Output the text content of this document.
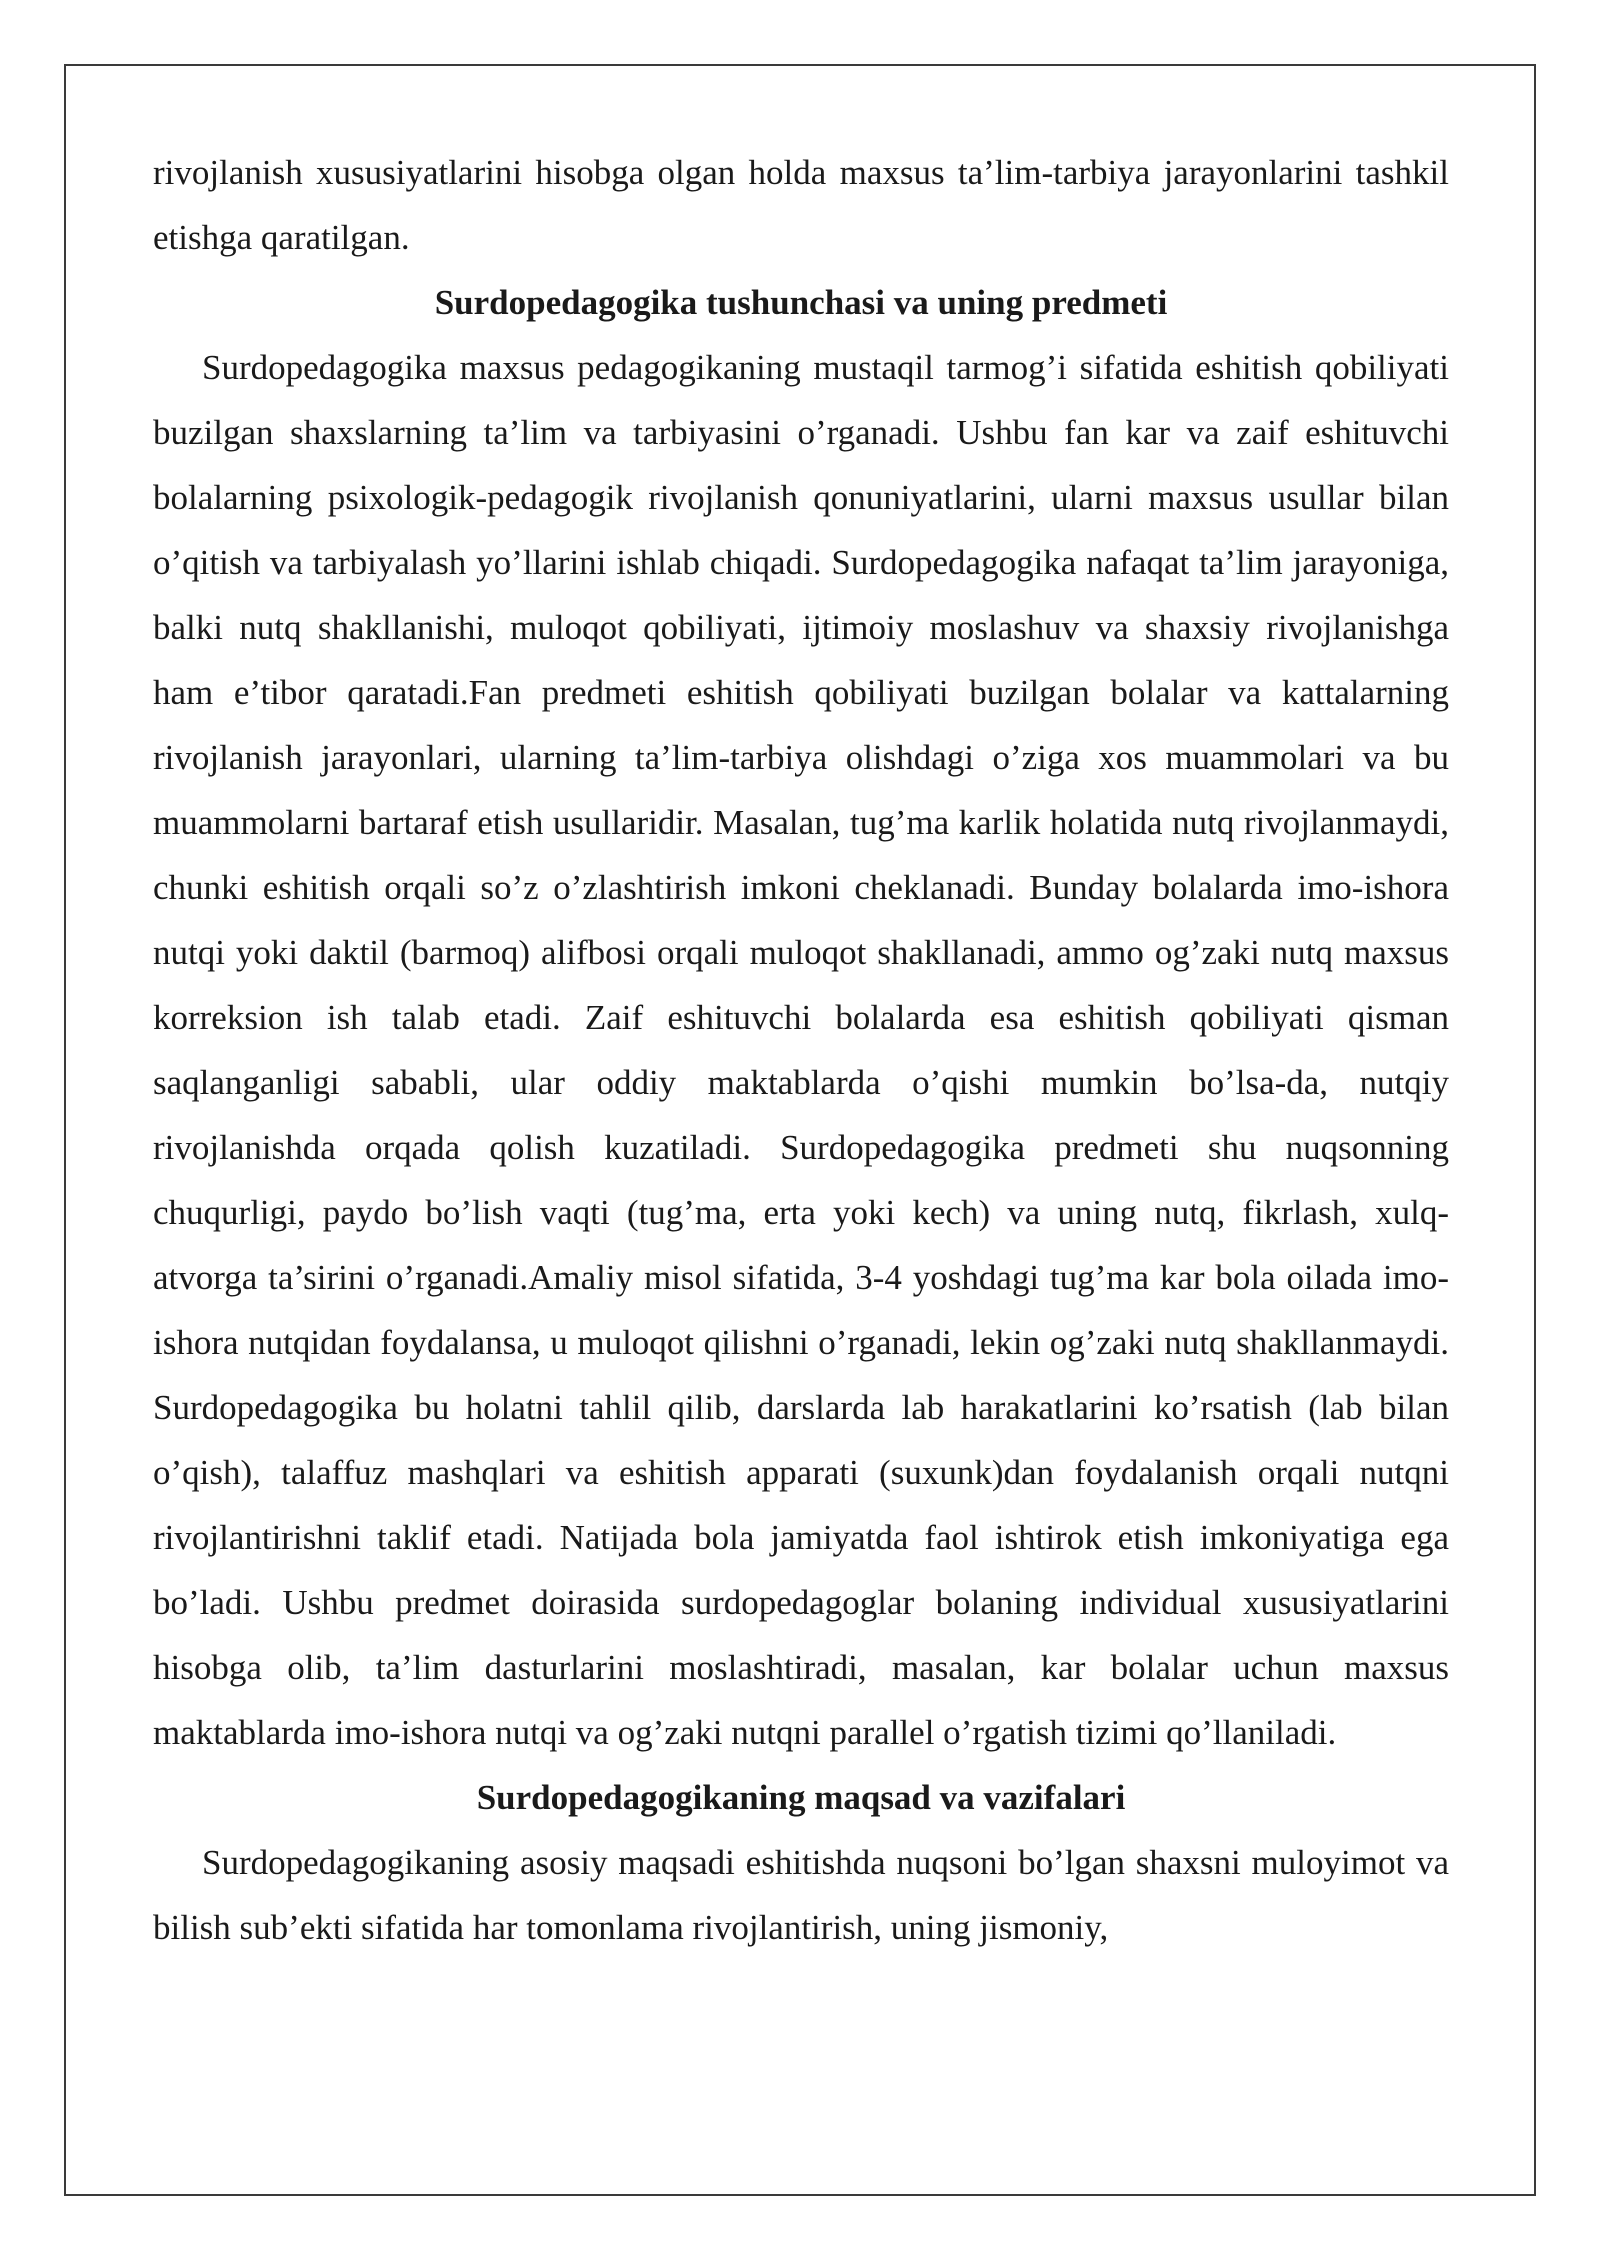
rivojlanish xususiyatlarini hisobga olgan holda maxsus ta’lim-tarbiya jarayonlarini tashkil etishga qaratilgan.

Surdopedagogika tushunchasi va uning predmeti

Surdopedagogika maxsus pedagogikaning mustaqil tarmog’i sifatida eshitish qobiliyati buzilgan shaxslarning ta’lim va tarbiyasini o’rganadi. Ushbu fan kar va zaif eshituvchi bolalarning psixologik-pedagogik rivojlanish qonuniyatlarini, ularni maxsus usullar bilan o’qitish va tarbiyalash yo’llarini ishlab chiqadi. Surdopedagogika nafaqat ta’lim jarayoniga, balki nutq shakllanishi, muloqot qobiliyati, ijtimoiy moslashuv va shaxsiy rivojlanishga ham e’tibor qaratadi.Fan predmeti eshitish qobiliyati buzilgan bolalar va kattalarning rivojlanish jarayonlari, ularning ta’lim-tarbiya olishdagi o’ziga xos muammolari va bu muammolarni bartaraf etish usullaridir. Masalan, tug’ma karlik holatida nutq rivojlanmaydi, chunki eshitish orqali so’z o’zlashtirish imkoni cheklanadi. Bunday bolalarda imo-ishora nutqi yoki daktil (barmoq) alifbosi orqali muloqot shakllanadi, ammo og’zaki nutq maxsus korreksion ish talab etadi. Zaif eshituvchi bolalarda esa eshitish qobiliyati qisman saqlanganligi sababli, ular oddiy maktablarda o’qishi mumkin bo’lsa-da, nutqiy rivojlanishda orqada qolish kuzatiladi. Surdopedagogika predmeti shu nuqsonning chuqurligi, paydo bo’lish vaqti (tug’ma, erta yoki kech) va uning nutq, fikrlash, xulq-atvorga ta’sirini o’rganadi.Amaliy misol sifatida, 3-4 yoshdagi tug’ma kar bola oilada imo-ishora nutqidan foydalansa, u muloqot qilishni o’rganadi, lekin og’zaki nutq shakllanmaydi. Surdopedagogika bu holatni tahlil qilib, darslarda lab harakatlarini ko’rsatish (lab bilan o’qish), talaffuz mashqlari va eshitish apparati (suxunk)dan foydalanish orqali nutqni rivojlantirishni taklif etadi. Natijada bola jamiyatda faol ishtirok etish imkoniyatiga ega bo’ladi. Ushbu predmet doirasida surdopedagoglar bolaning individual xususiyatlarini hisobga olib, ta’lim dasturlarini moslashtiradi, masalan, kar bolalar uchun maxsus maktablarda imo-ishora nutqi va og’zaki nutqni parallel o’rgatish tizimi qo’llaniladi.

Surdopedagogikaning maqsad va vazifalari

Surdopedagogikaning asosiy maqsadi eshitishda nuqsoni bo’lgan shaxsni muloyimot va bilish sub’ekti sifatida har tomonlama rivojlantirish, uning jismoniy,
